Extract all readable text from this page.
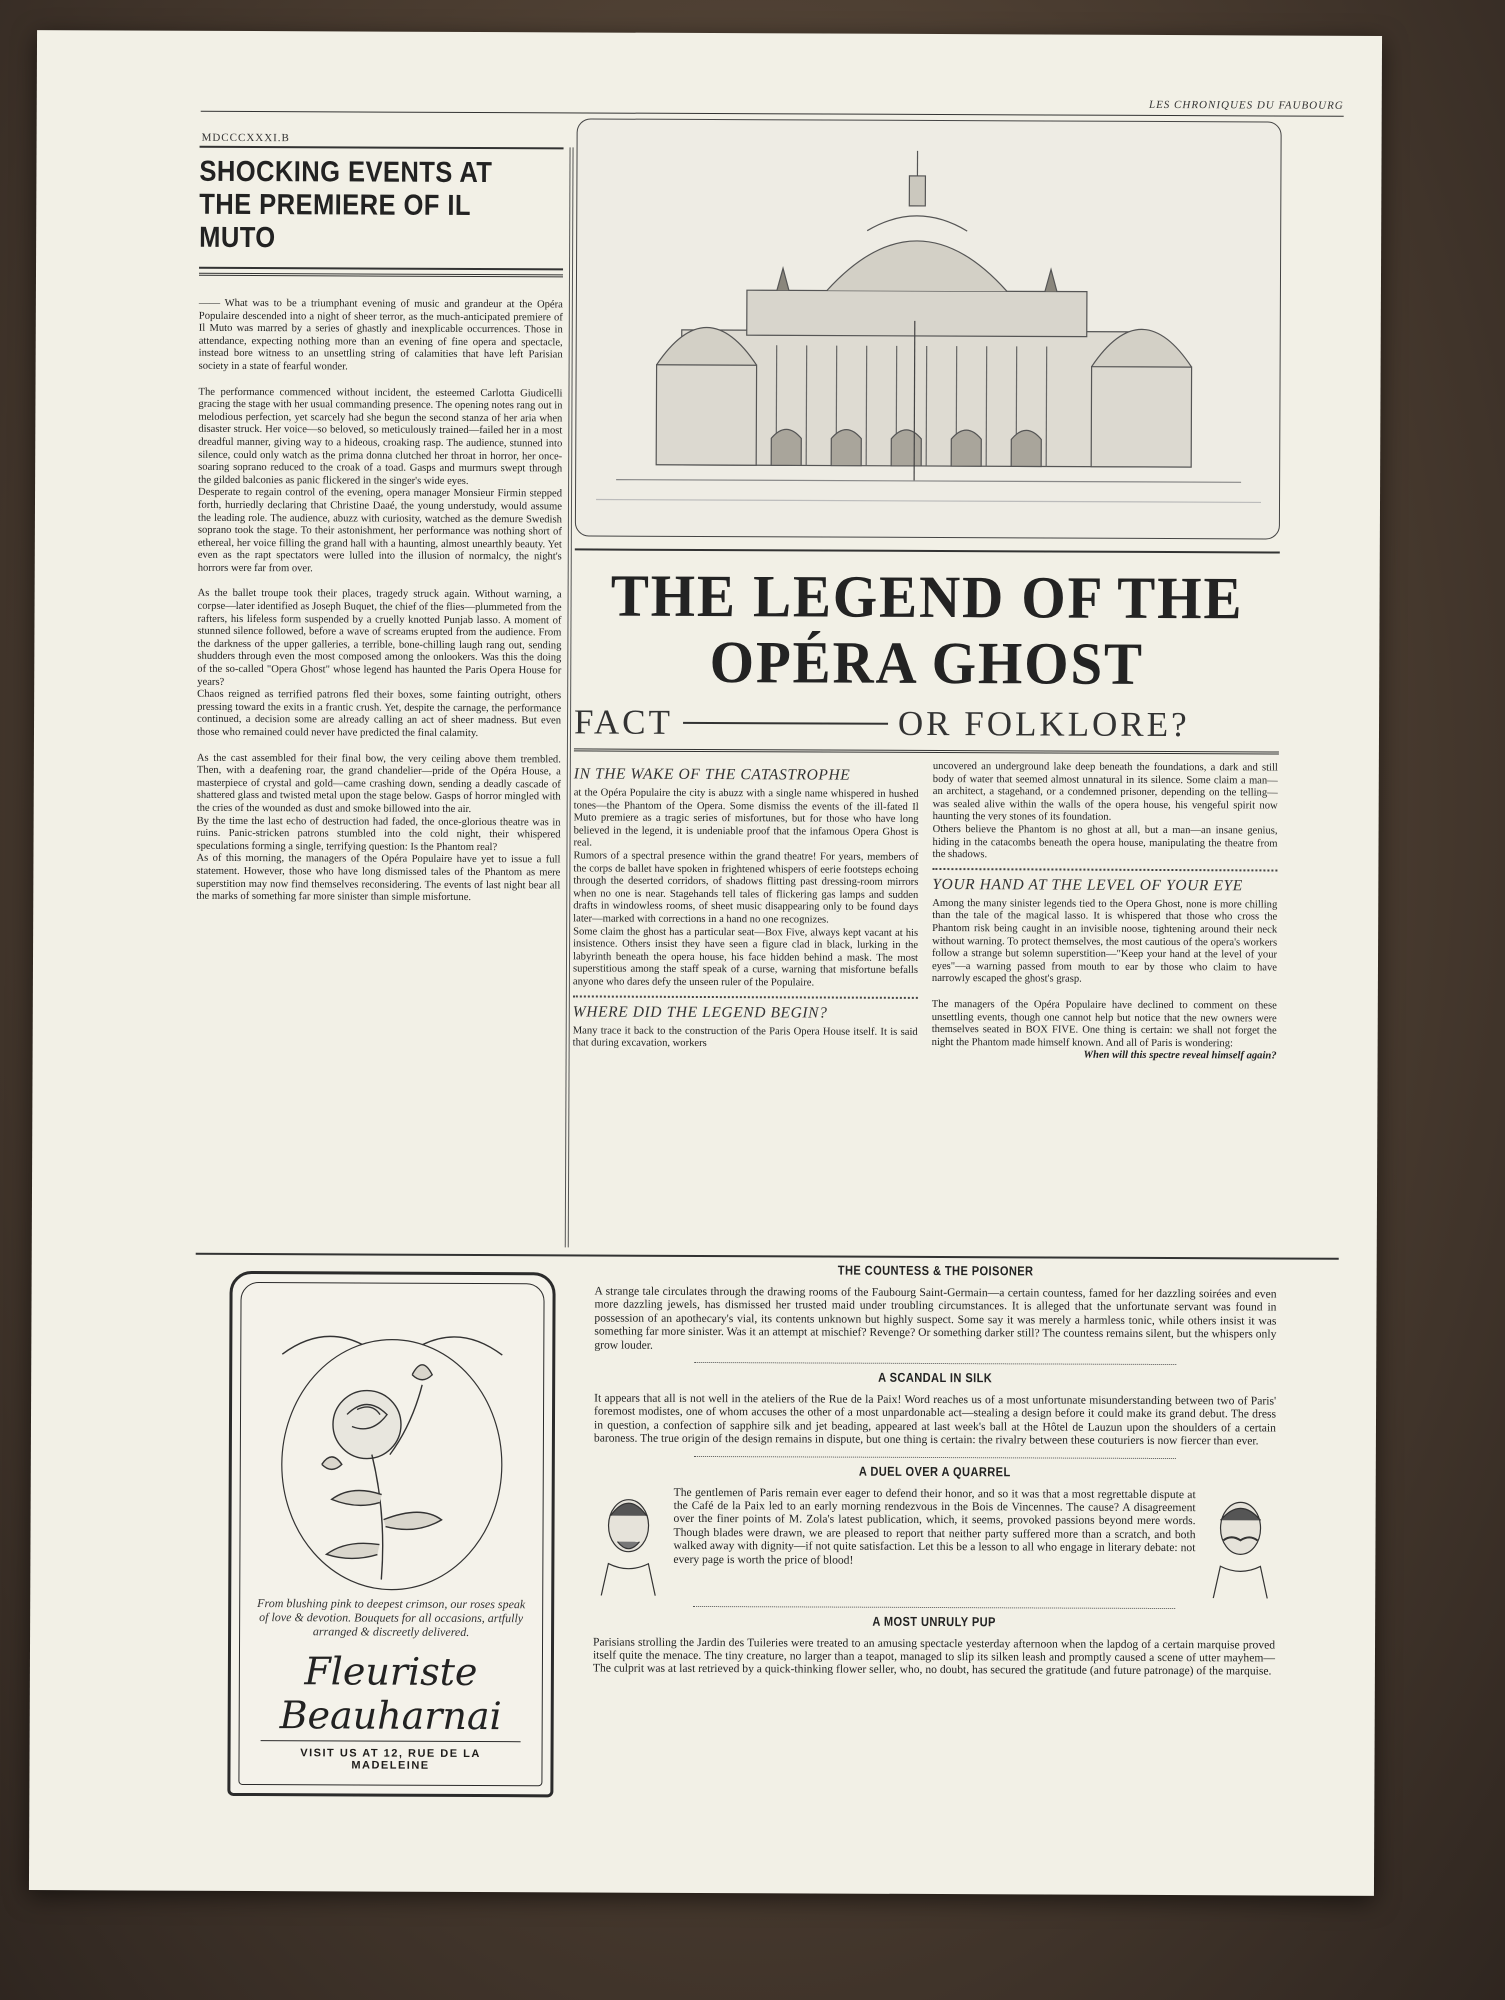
LES CHRONIQUES DU FAUBOURG
MDCCCXXXI.B
SHOCKING EVENTS AT THE PREMIERE OF IL MUTO

—— What was to be a triumphant evening of music and grandeur at the Opéra Populaire descended into a night of sheer terror, as the much-anticipated premiere of Il Muto was marred by a series of ghastly and inexplicable occurrences. Those in attendance, expecting nothing more than an evening of fine opera and spectacle, instead bore witness to an unsettling string of calamities that have left Parisian society in a state of fearful wonder.

The performance commenced without incident, the esteemed Carlotta Giudicelli gracing the stage with her usual commanding presence. The opening notes rang out in melodious perfection, yet scarcely had she begun the second stanza of her aria when disaster struck. Her voice—so beloved, so meticulously trained—failed her in a most dreadful manner, giving way to a hideous, croaking rasp. The audience, stunned into silence, could only watch as the prima donna clutched her throat in horror, her once-soaring soprano reduced to the croak of a toad. Gasps and murmurs swept through the gilded balconies as panic flickered in the singer's wide eyes.

Desperate to regain control of the evening, opera manager Monsieur Firmin stepped forth, hurriedly declaring that Christine Daaé, the young understudy, would assume the leading role. The audience, abuzz with curiosity, watched as the demure Swedish soprano took the stage. To their astonishment, her performance was nothing short of ethereal, her voice filling the grand hall with a haunting, almost unearthly beauty. Yet even as the rapt spectators were lulled into the illusion of normalcy, the night's horrors were far from over.

As the ballet troupe took their places, tragedy struck again. Without warning, a corpse—later identified as Joseph Buquet, the chief of the flies—plummeted from the rafters, his lifeless form suspended by a cruelly knotted Punjab lasso. A moment of stunned silence followed, before a wave of screams erupted from the audience. From the darkness of the upper galleries, a terrible, bone-chilling laugh rang out, sending shudders through even the most composed among the onlookers. Was this the doing of the so-called "Opera Ghost" whose legend has haunted the Paris Opera House for years?

Chaos reigned as terrified patrons fled their boxes, some fainting outright, others pressing toward the exits in a frantic crush. Yet, despite the carnage, the performance continued, a decision some are already calling an act of sheer madness. But even those who remained could never have predicted the final calamity.

As the cast assembled for their final bow, the very ceiling above them trembled. Then, with a deafening roar, the grand chandelier—pride of the Opéra House, a masterpiece of crystal and gold—came crashing down, sending a deadly cascade of shattered glass and twisted metal upon the stage below. Gasps of horror mingled with the cries of the wounded as dust and smoke billowed into the air.

By the time the last echo of destruction had faded, the once-glorious theatre was in ruins. Panic-stricken patrons stumbled into the cold night, their whispered speculations forming a single, terrifying question: Is the Phantom real?

As of this morning, the managers of the Opéra Populaire have yet to issue a full statement. However, those who have long dismissed tales of the Phantom as mere superstition may now find themselves reconsidering. The events of last night bear all the marks of something far more sinister than simple misfortune.

THE LEGEND OF THE
OPÉRA GHOST
FACT	OR FOLKLORE?
IN THE WAKE OF THE CATASTROPHE

at the Opéra Populaire the city is abuzz with a single name whispered in hushed tones—the Phantom of the Opera. Some dismiss the events of the ill-fated Il Muto premiere as a tragic series of misfortunes, but for those who have long believed in the legend, it is undeniable proof that the infamous Opera Ghost is real.

Rumors of a spectral presence within the grand theatre! For years, members of the corps de ballet have spoken in frightened whispers of eerie footsteps echoing through the deserted corridors, of shadows flitting past dressing-room mirrors when no one is near. Stagehands tell tales of flickering gas lamps and sudden drafts in windowless rooms, of sheet music disappearing only to be found days later—marked with corrections in a hand no one recognizes.

Some claim the ghost has a particular seat—Box Five, always kept vacant at his insistence. Others insist they have seen a figure clad in black, lurking in the labyrinth beneath the opera house, his face hidden behind a mask. The most superstitious among the staff speak of a curse, warning that misfortune befalls anyone who dares defy the unseen ruler of the Populaire.

WHERE DID THE LEGEND BEGIN?

Many trace it back to the construction of the Paris Opera House itself. It is said that during excavation, workers

uncovered an underground lake deep beneath the foundations, a dark and still body of water that seemed almost unnatural in its silence. Some claim a man—an architect, a stagehand, or a condemned prisoner, depending on the telling—was sealed alive within the walls of the opera house, his vengeful spirit now haunting the very stones of its foundation.

Others believe the Phantom is no ghost at all, but a man—an insane genius, hiding in the catacombs beneath the opera house, manipulating the theatre from the shadows.

YOUR HAND AT THE LEVEL OF YOUR EYE

Among the many sinister legends tied to the Opera Ghost, none is more chilling than the tale of the magical lasso. It is whispered that those who cross the Phantom risk being caught in an invisible noose, tightening around their neck without warning. To protect themselves, the most cautious of the opera's workers follow a strange but solemn superstition—"Keep your hand at the level of your eyes"—a warning passed from mouth to ear by those who claim to have narrowly escaped the ghost's grasp.

The managers of the Opéra Populaire have declined to comment on these unsettling events, though one cannot help but notice that the new owners were themselves seated in BOX FIVE. One thing is certain: we shall not forget the night the Phantom made himself known. And all of Paris is wondering:

When will this spectre reveal himself again?

From blushing pink to deepest crimson, our roses speak of love & devotion. Bouquets for all occasions, artfully arranged & discreetly delivered.
Fleuriste
Beauharnai
VISIT US AT 12, RUE DE LA MADELEINE
THE COUNTESS & THE POISONER
A strange tale circulates through the drawing rooms of the Faubourg Saint-Germain—a certain countess, famed for her dazzling soirées and even more dazzling jewels, has dismissed her trusted maid under troubling circumstances. It is alleged that the unfortunate servant was found in possession of an apothecary's vial, its contents unknown but highly suspect. Some say it was merely a harmless tonic, while others insist it was something far more sinister. Was it an attempt at mischief? Revenge? Or something darker still? The countess remains silent, but the whispers only grow louder.
A SCANDAL IN SILK
It appears that all is not well in the ateliers of the Rue de la Paix! Word reaches us of a most unfortunate misunderstanding between two of Paris' foremost modistes, one of whom accuses the other of a most unpardonable act—stealing a design before it could make its grand debut. The dress in question, a confection of sapphire silk and jet beading, appeared at last week's ball at the Hôtel de Lauzun upon the shoulders of a certain baroness. The true origin of the design remains in dispute, but one thing is certain: the rivalry between these couturiers is now fiercer than ever.
A DUEL OVER A QUARREL
The gentlemen of Paris remain ever eager to defend their honor, and so it was that a most regrettable dispute at the Café de la Paix led to an early morning rendezvous in the Bois de Vincennes. The cause? A disagreement over the finer points of M. Zola's latest publication, which, it seems, provoked passions beyond mere words. Though blades were drawn, we are pleased to report that neither party suffered more than a scratch, and both walked away with dignity—if not quite satisfaction. Let this be a lesson to all who engage in literary debate: not every page is worth the price of blood!
A MOST UNRULY PUP
Parisians strolling the Jardin des Tuileries were treated to an amusing spectacle yesterday afternoon when the lapdog of a certain marquise proved itself quite the menace. The tiny creature, no larger than a teapot, managed to slip its silken leash and promptly caused a scene of utter mayhem—The culprit was at last retrieved by a quick-thinking flower seller, who, no doubt, has secured the gratitude (and future patronage) of the marquise.
